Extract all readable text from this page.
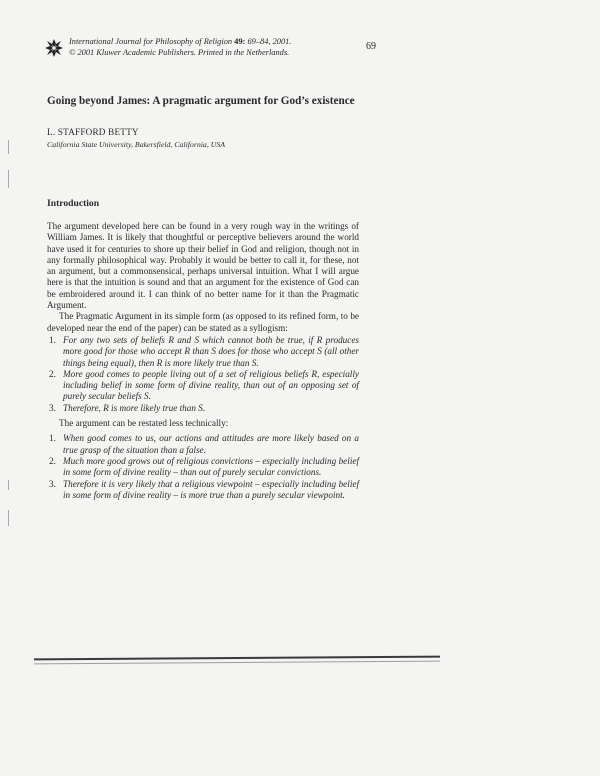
International Journal for Philosophy of Religion 49: 69–84, 2001.
© 2001 Kluwer Academic Publishers. Printed in the Netherlands.
69
Going beyond James: A pragmatic argument for God’s existence
L. STAFFORD BETTY
California State University, Bakersfield, California, USA
Introduction

The argument developed here can be found in a very rough way in the writings of William James. It is likely that thoughtful or perceptive believers around the world have used it for centuries to shore up their belief in God and religion, though not in any formally philosophical way. Probably it would be better to call it, for these, not an argument, but a commonsensical, perhaps universal intuition. What I will argue here is that the intuition is sound and that an argument for the existence of God can be embroidered around it. I can think of no better name for it than the Pragmatic Argument.

The Pragmatic Argument in its simple form (as opposed to its refined form, to be developed near the end of the paper) can be stated as a syllogism:

1. For any two sets of beliefs R and S which cannot both be true, if R produces more good for those who accept R than S does for those who accept S (all other things being equal), then R is more likely true than S.
2. More good comes to people living out of a set of religious beliefs R, especially including belief in some form of divine reality, than out of an opposing set of purely secular beliefs S.
3. Therefore, R is more likely true than S.

The argument can be restated less technically:

1. When good comes to us, our actions and attitudes are more likely based on a true grasp of the situation than a false.
2. Much more good grows out of religious convictions – especially including belief in some form of divine reality – than out of purely secular convictions.
3. Therefore it is very likely that a religious viewpoint – especially including belief in some form of divine reality – is more true than a purely secular viewpoint.
